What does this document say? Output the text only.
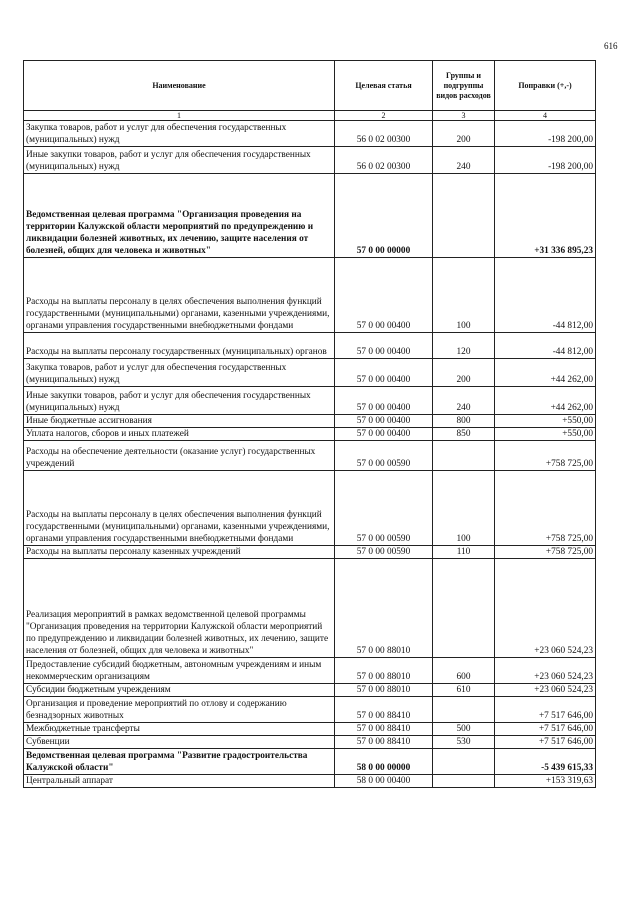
616
Наименование	Целевая статья	Группы и подгруппы видов расходов	Поправки (+,-)
1	2	3	4
Закупка товаров, работ и услуг для обеспечения государственных (муниципальных) нужд	56 0 02 00300	200	-198 200,00
Иные закупки товаров, работ и услуг для обеспечения государственных (муниципальных) нужд	56 0 02 00300	240	-198 200,00
Ведомственная целевая программа "Организация проведения на территории Калужской области мероприятий по предупреждению и ликвидации болезней животных, их лечению, защите населения от болезней, общих для человека и животных"	57 0 00 00000		+31 336 895,23
Расходы на выплаты персоналу в целях обеспечения выполнения функций государственными (муниципальными) органами, казенными учреждениями, органами управления государственными внебюджетными фондами	57 0 00 00400	100	-44 812,00
Расходы на выплаты персоналу государственных (муниципальных) органов	57 0 00 00400	120	-44 812,00
Закупка товаров, работ и услуг для обеспечения государственных (муниципальных) нужд	57 0 00 00400	200	+44 262,00
Иные закупки товаров, работ и услуг для обеспечения государственных (муниципальных) нужд	57 0 00 00400	240	+44 262,00
Иные бюджетные ассигнования	57 0 00 00400	800	+550,00
Уплата налогов, сборов и иных платежей	57 0 00 00400	850	+550,00
Расходы на обеспечение деятельности (оказание услуг) государственных учреждений	57 0 00 00590		+758 725,00
Расходы на выплаты персоналу в целях обеспечения выполнения функций государственными (муниципальными) органами, казенными учреждениями, органами управления государственными внебюджетными фондами	57 0 00 00590	100	+758 725,00
Расходы на выплаты персоналу казенных учреждений	57 0 00 00590	110	+758 725,00
Реализация мероприятий в рамках ведомственной целевой программы "Организация проведения на территории Калужской области мероприятий по предупреждению и ликвидации болезней животных, их лечению, защите населения от болезней, общих для человека и животных"	57 0 00 88010		+23 060 524,23
Предоставление субсидий бюджетным, автономным учреждениям и иным некоммерческим организациям	57 0 00 88010	600	+23 060 524,23
Субсидии бюджетным учреждениям	57 0 00 88010	610	+23 060 524,23
Организация и проведение мероприятий по отлову и содержанию безнадзорных животных	57 0 00 88410		+7 517 646,00
Межбюджетные трансферты	57 0 00 88410	500	+7 517 646,00
Субвенции	57 0 00 88410	530	+7 517 646,00
Ведомственная целевая программа "Развитие градостроительства Калужской области"	58 0 00 00000		-5 439 615,33
Центральный аппарат	58 0 00 00400		+153 319,63
